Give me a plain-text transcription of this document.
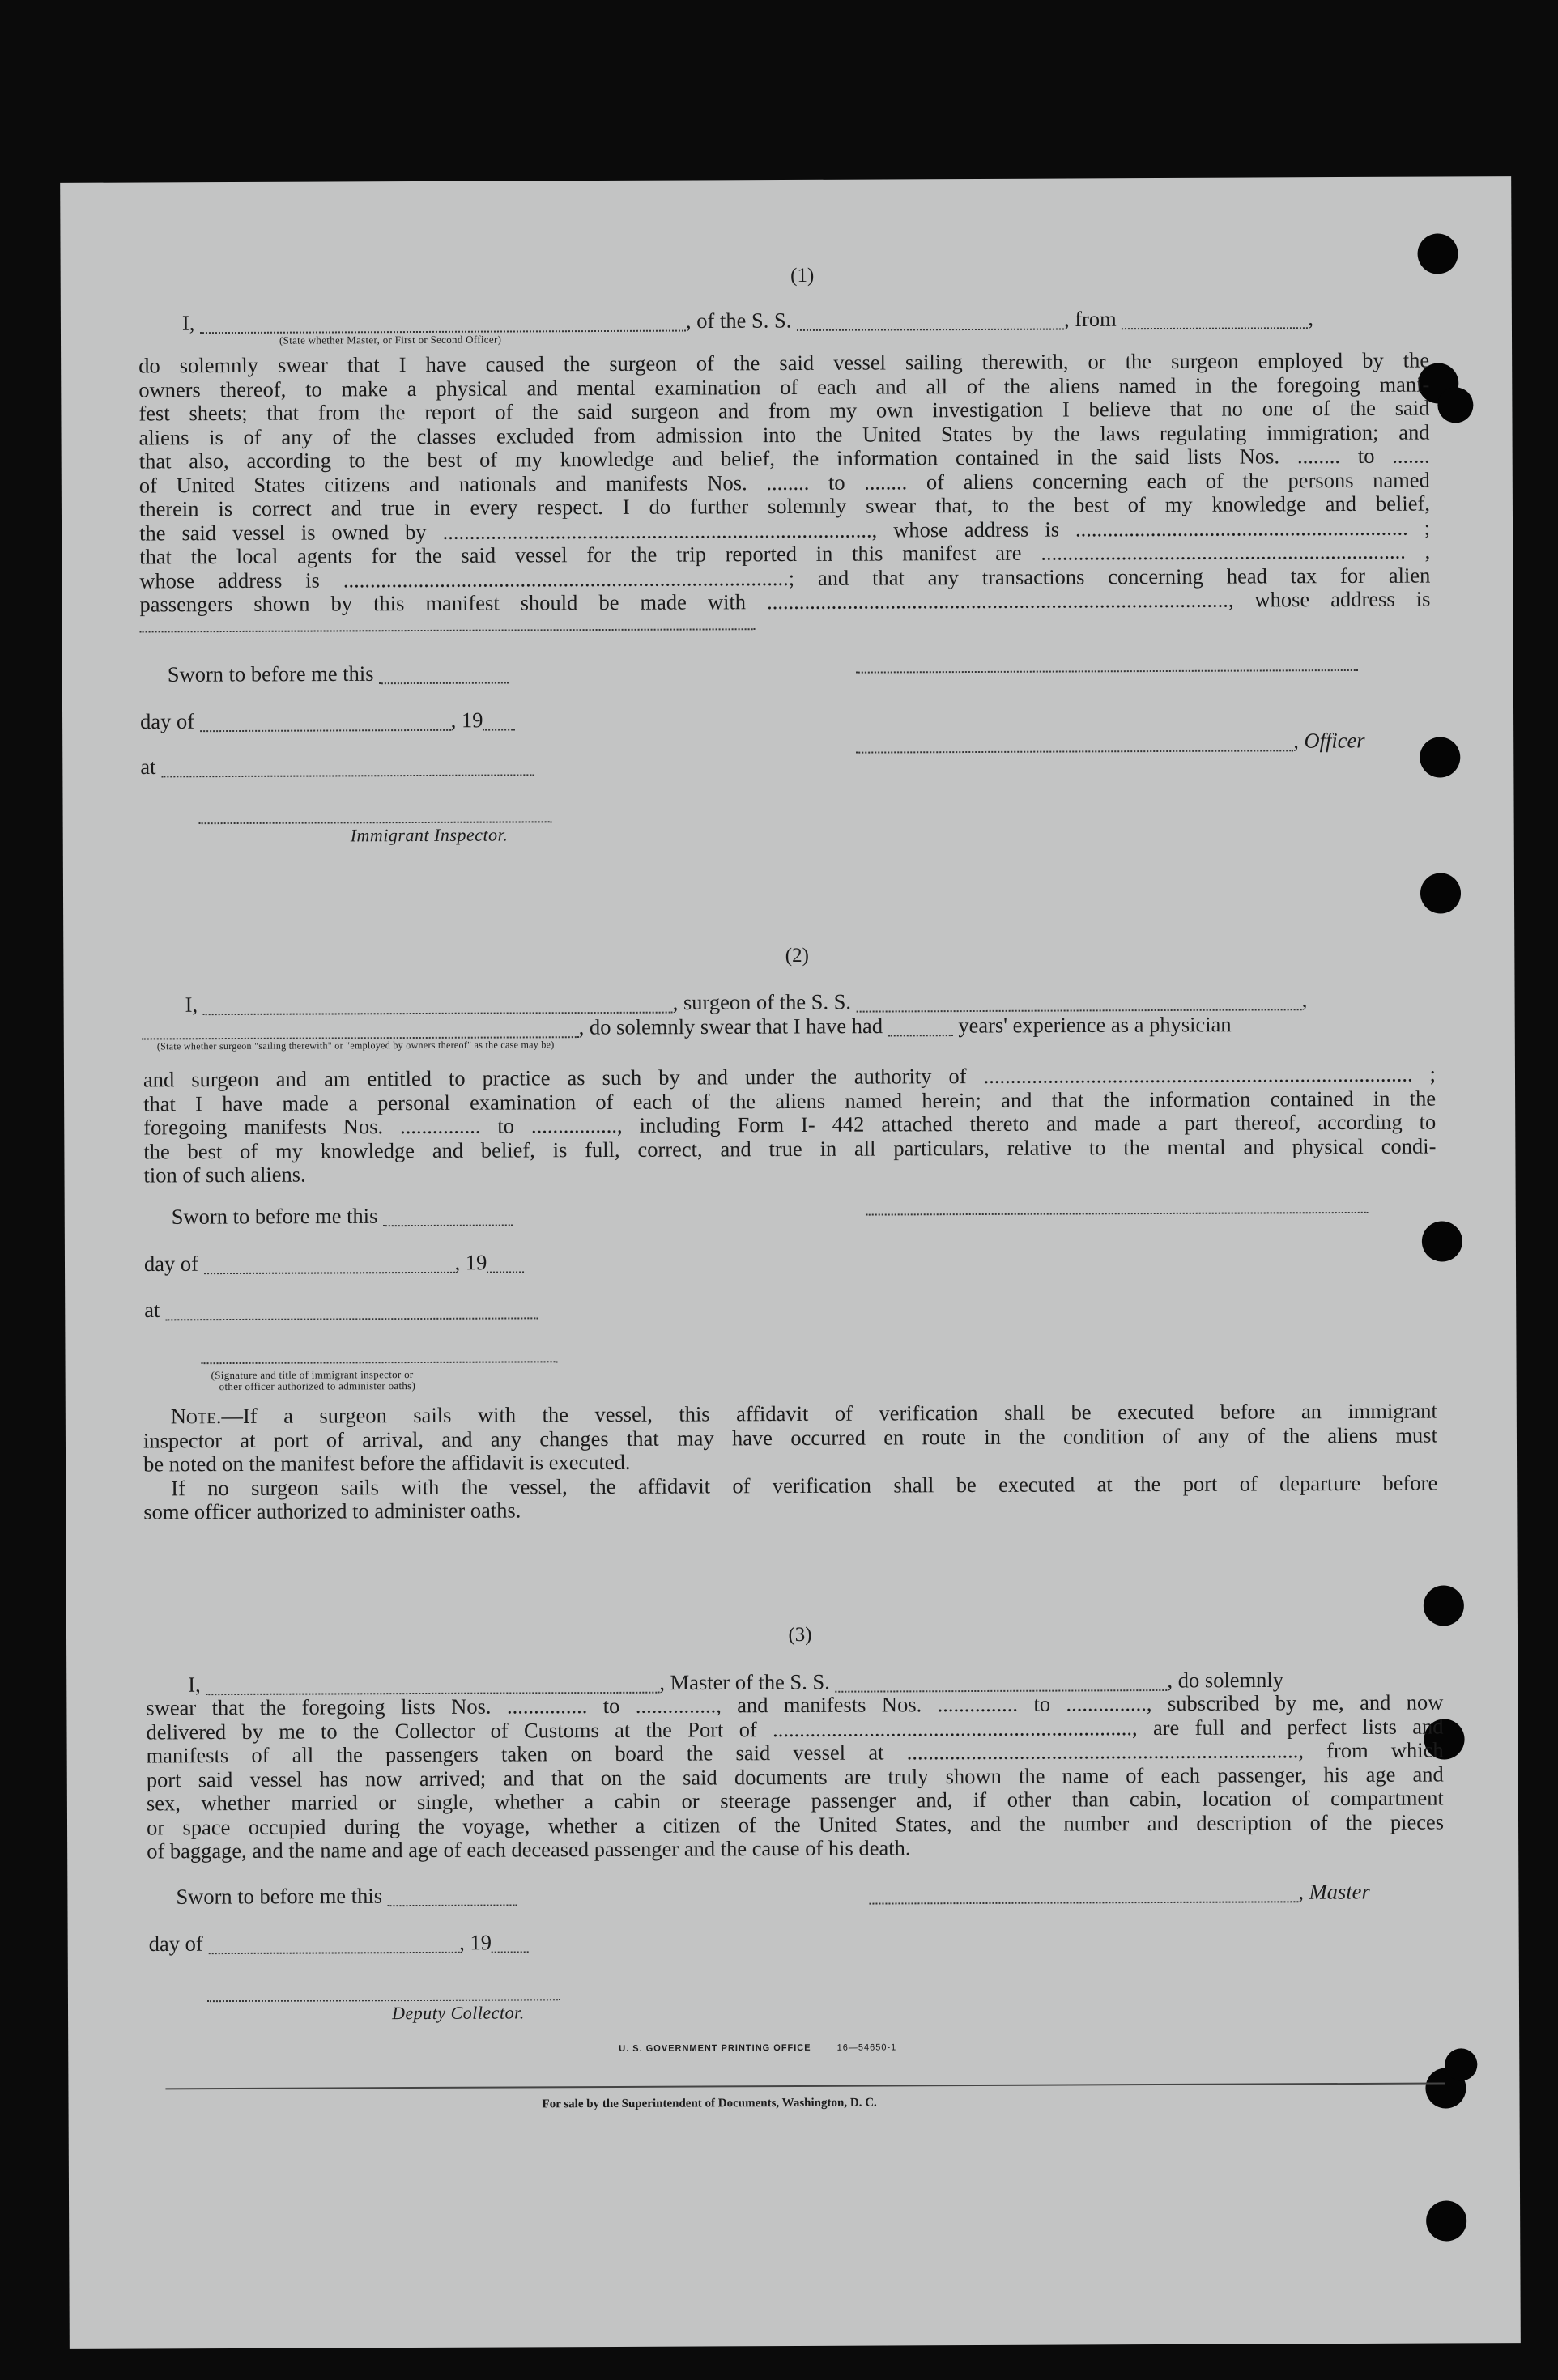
(1)
I,	, of the S. S.	, from	,
(State whether Master, or First or Second Officer)
do solemnly swear that I have caused the surgeon of the said vessel sailing therewith, or the surgeon employed by the
owners thereof, to make a physical and mental examination of each and all of the aliens named in the foregoing mani-
fest sheets; that from the report of the said surgeon and from my own investigation I believe that no one of the said
aliens is of any of the classes excluded from admission into the United States by the laws regulating immigration; and
that also, according to the best of my knowledge and belief, the information contained in the said lists Nos. ........ to .......
of United States citizens and nationals and manifests Nos. ........ to ........ of aliens concerning each of the persons named
therein is correct and true in every respect. I do further solemnly swear that, to the best of my knowledge and belief,
the said vessel is owned by ................................................................................, whose address is .............................................................. ;
that the local agents for the said vessel for the trip reported in this manifest are .................................................................... ,
whose address is ...................................................................................; and that any transactions concerning head tax for alien
passengers shown by this manifest should be made with ......................................................................................, whose address is
Sworn to before me this
day of	, 19
, Officer
at
Immigrant Inspector.
(2)
I,	, surgeon of the S. S.	,
, do solemnly swear that I have had	years' experience as a physician
(State whether surgeon "sailing therewith" or "employed by owners thereof" as the case may be)
and surgeon and am entitled to practice as such by and under the authority of ................................................................................ ;
that I have made a personal examination of each of the aliens named herein; and that the information contained in the
foregoing manifests Nos. ............... to ................, including Form I- 442 attached thereto and made a part thereof, according to
the best of my knowledge and belief, is full, correct, and true in all particulars, relative to the mental and physical condi-
tion of such aliens.
Sworn to before me this
day of	, 19
at
(Signature and title of immigrant inspector or
other officer authorized to administer oaths)
Note.—If a surgeon sails with the vessel, this affidavit of verification shall be executed before an immigrant
inspector at port of arrival, and any changes that may have occurred en route in the condition of any of the aliens must
be noted on the manifest before the affidavit is executed.
If no surgeon sails with the vessel, the affidavit of verification shall be executed at the port of departure before
some officer authorized to administer oaths.
(3)
I,	, Master of the S. S.	, do solemnly
swear that the foregoing lists Nos. ............... to ..............., and manifests Nos. ............... to ..............., subscribed by me, and now
delivered by me to the Collector of Customs at the Port of ..................................................................., are full and perfect lists and
manifests of all the passengers taken on board the said vessel at ........................................................................., from which
port said vessel has now arrived; and that on the said documents are truly shown the name of each passenger, his age and
sex, whether married or single, whether a cabin or steerage passenger and, if other than cabin, location of compartment
or space occupied during the voyage, whether a citizen of the United States, and the number and description of the pieces
of baggage, and the name and age of each deceased passenger and the cause of his death.
Sworn to before me this	, Master
day of	, 19
Deputy Collector.
U. S. GOVERNMENT PRINTING OFFICE	16—54650-1
For sale by the Superintendent of Documents, Washington, D. C.
